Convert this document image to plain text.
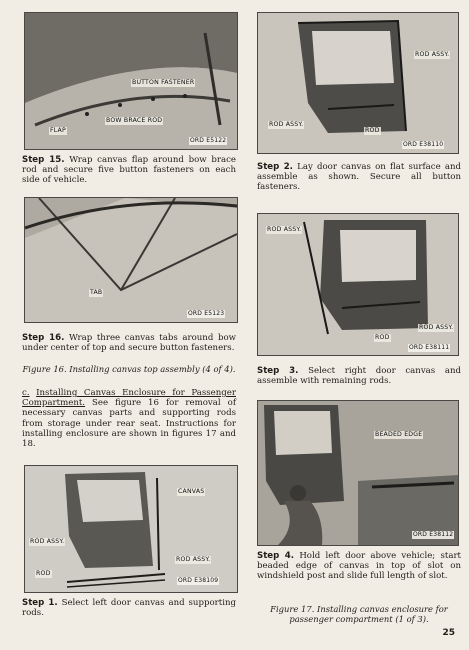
BUTTON FASTENER
BOW BRACE ROD
FLAP
ORD E5122
Step 15. Wrap canvas flap around bow brace rod and secure five button fasteners on each side of vehicle.
TAB
ORD E5123
Step 16. Wrap three canvas tabs around bow under center of top and secure button fasteners.
Figure 16. Installing canvas top assembly (4 of 4).
c. Installing Canvas Enclosure for Passenger Compartment. See figure 16 for removal of necessary canvas parts and supporting rods from storage under rear seat. Instructions for installing enclosure are shown in figures 17 and 18.
CANVAS
ROD ASSY.
ROD ASSY.
ROD
ORD E38109
Step 1. Select left door canvas and supporting rods.
ROD ASSY.
ROD ASSY.
ROD
ORD E38110
Step 2. Lay door canvas on flat surface and assemble as shown. Secure all button fasteners.
ROD ASSY.
ROD ASSY.
ROD
ORD E38111
Step 3. Select right door canvas and assemble with remaining rods.
BEADED EDGE
ORD E38112
Step 4. Hold left door above vehicle; start beaded edge of canvas in top of slot on windshield post and slide full length of slot.
Figure 17. Installing canvas enclosure for passenger compartment (1 of 3).
25
